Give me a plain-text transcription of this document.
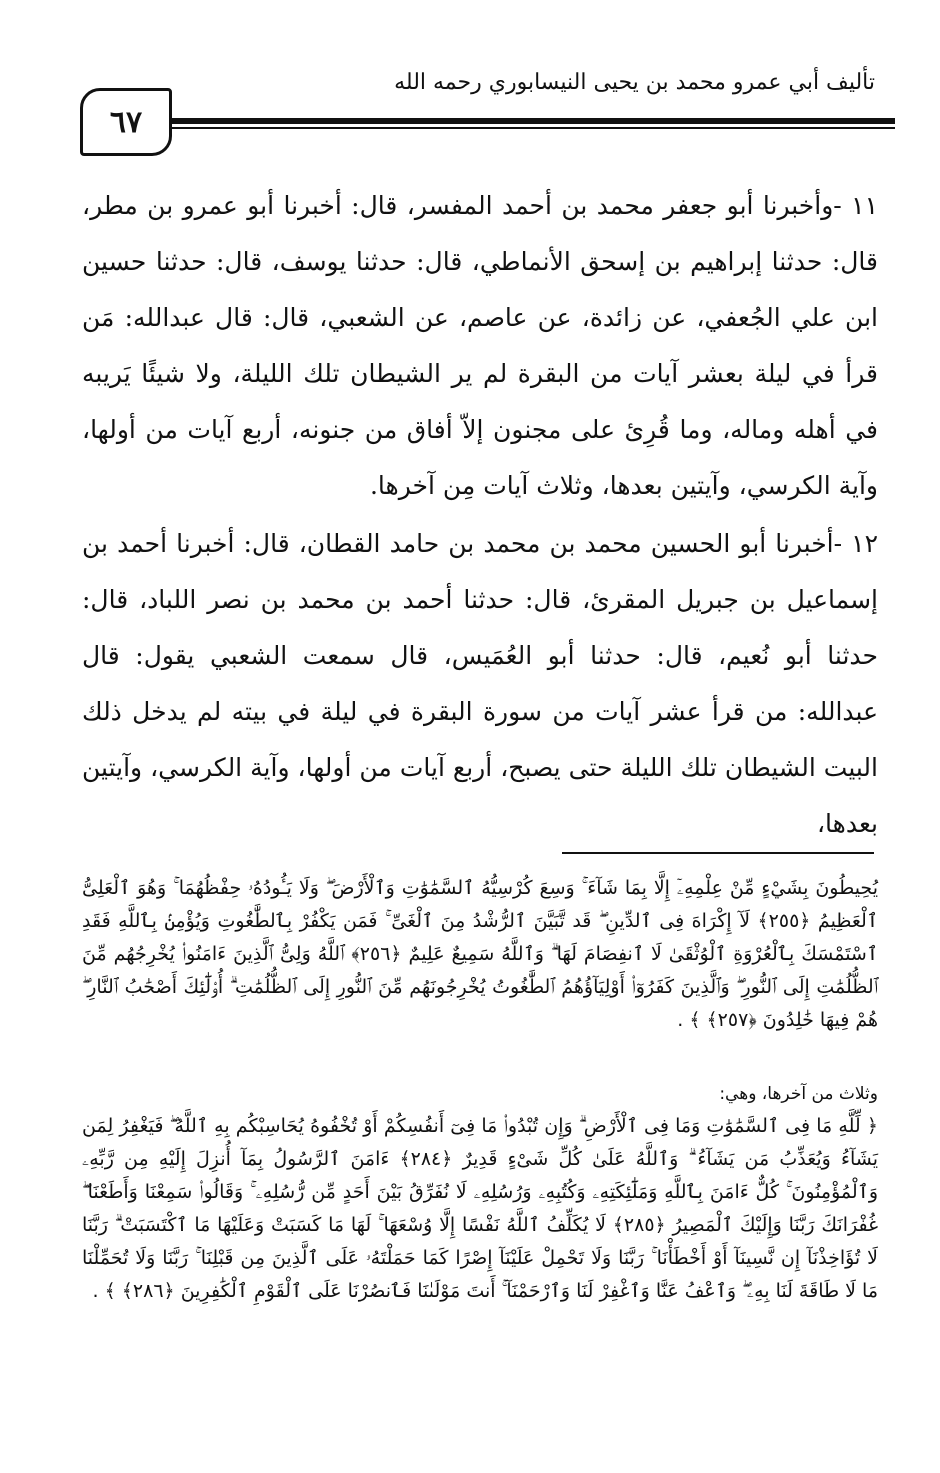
تأليف أبي عمرو محمد بن يحيى النيسابوري رحمه الله
٦٧
١١ -وأخبرنا أبو جعفر محمد بن أحمد المفسر، قال: أخبرنا أبو عمرو بن مطر، قال: حدثنا إبراهيم بن إسحق الأنماطي، قال: حدثنا يوسف، قال: حدثنا حسين ابن علي الجُعفي، عن زائدة، عن عاصم، عن الشعبي، قال: قال عبدالله: مَن قرأ في ليلة بعشر آيات من البقرة لم ير الشيطان تلك الليلة، ولا شيئًا يَريبه في أهله وماله، وما قُرِئ على مجنون إلاّ أفاق من جنونه، أربع آيات من أولها، وآية الكرسي، وآيتين بعدها، وثلاث آيات مِن آخرها.
١٢ -أخبرنا أبو الحسين محمد بن محمد بن حامد القطان، قال: أخبرنا أحمد بن إسماعيل بن جبريل المقرئ، قال: حدثنا أحمد بن محمد بن نصر اللباد، قال: حدثنا أبو نُعيم، قال: حدثنا أبو العُمَيس، قال سمعت الشعبي يقول: قال عبدالله: من قرأ عشر آيات من سورة البقرة في ليلة في بيته لم يدخل ذلك البيت الشيطان تلك الليلة حتى يصبح، أربع آيات من أولها، وآية الكرسي، وآيتين بعدها،
يُحِيطُونَ بِشَيْءٍ مِّنْ عِلْمِهِۦٓ إِلَّا بِمَا شَآءَ ۚ وَسِعَ كُرْسِيُّهُ ٱلسَّمَٰوَٰتِ وَٱلْأَرْضَ ۖ وَلَا يَـُٔودُهُۥ حِفْظُهُمَا ۚ وَهُوَ ٱلْعَلِىُّ ٱلْعَظِيمُ ﴿٢٥٥﴾ لَآ إِكْرَاهَ فِى ٱلدِّينِ ۖ قَد تَّبَيَّنَ ٱلرُّشْدُ مِنَ ٱلْغَىِّ ۚ فَمَن يَكْفُرْ بِٱلطَّٰغُوتِ وَيُؤْمِنۢ بِٱللَّهِ فَقَدِ ٱسْتَمْسَكَ بِٱلْعُرْوَةِ ٱلْوُثْقَىٰ لَا ٱنفِصَامَ لَهَا ۗ وَٱللَّهُ سَمِيعٌ عَلِيمٌ ﴿٢٥٦﴾ ٱللَّهُ وَلِىُّ ٱلَّذِينَ ءَامَنُوا۟ يُخْرِجُهُم مِّنَ ٱلظُّلُمَٰتِ إِلَى ٱلنُّورِ ۖ وَٱلَّذِينَ كَفَرُوٓا۟ أَوْلِيَآؤُهُمُ ٱلطَّٰغُوتُ يُخْرِجُونَهُم مِّنَ ٱلنُّورِ إِلَى ٱلظُّلُمَٰتِ ۗ أُو۟لَٰٓئِكَ أَصْحَٰبُ ٱلنَّارِ ۖ هُمْ فِيهَا خَٰلِدُونَ ﴿٢٥٧﴾ ﴾ .
وثلاث من آخرها، وهي:
﴿ لِّلَّهِ مَا فِى ٱلسَّمَٰوَٰتِ وَمَا فِى ٱلْأَرْضِ ۗ وَإِن تُبْدُوا۟ مَا فِىٓ أَنفُسِكُمْ أَوْ تُخْفُوهُ يُحَاسِبْكُم بِهِ ٱللَّهُ ۖ فَيَغْفِرُ لِمَن يَشَآءُ وَيُعَذِّبُ مَن يَشَآءُ ۗ وَٱللَّهُ عَلَىٰ كُلِّ شَىْءٍ قَدِيرٌ ﴿٢٨٤﴾ ءَامَنَ ٱلرَّسُولُ بِمَآ أُنزِلَ إِلَيْهِ مِن رَّبِّهِۦ وَٱلْمُؤْمِنُونَ ۚ كُلٌّ ءَامَنَ بِٱللَّهِ وَمَلَٰٓئِكَتِهِۦ وَكُتُبِهِۦ وَرُسُلِهِۦ لَا نُفَرِّقُ بَيْنَ أَحَدٍ مِّن رُّسُلِهِۦ ۚ وَقَالُوا۟ سَمِعْنَا وَأَطَعْنَا ۖ غُفْرَانَكَ رَبَّنَا وَإِلَيْكَ ٱلْمَصِيرُ ﴿٢٨٥﴾ لَا يُكَلِّفُ ٱللَّهُ نَفْسًا إِلَّا وُسْعَهَا ۚ لَهَا مَا كَسَبَتْ وَعَلَيْهَا مَا ٱكْتَسَبَتْ ۗ رَبَّنَا لَا تُؤَاخِذْنَآ إِن نَّسِينَآ أَوْ أَخْطَأْنَا ۚ رَبَّنَا وَلَا تَحْمِلْ عَلَيْنَآ إِصْرًا كَمَا حَمَلْتَهُۥ عَلَى ٱلَّذِينَ مِن قَبْلِنَا ۚ رَبَّنَا وَلَا تُحَمِّلْنَا مَا لَا طَاقَةَ لَنَا بِهِۦ ۖ وَٱعْفُ عَنَّا وَٱغْفِرْ لَنَا وَٱرْحَمْنَآ ۚ أَنتَ مَوْلَىٰنَا فَٱنصُرْنَا عَلَى ٱلْقَوْمِ ٱلْكَٰفِرِينَ ﴿٢٨٦﴾ ﴾ .
